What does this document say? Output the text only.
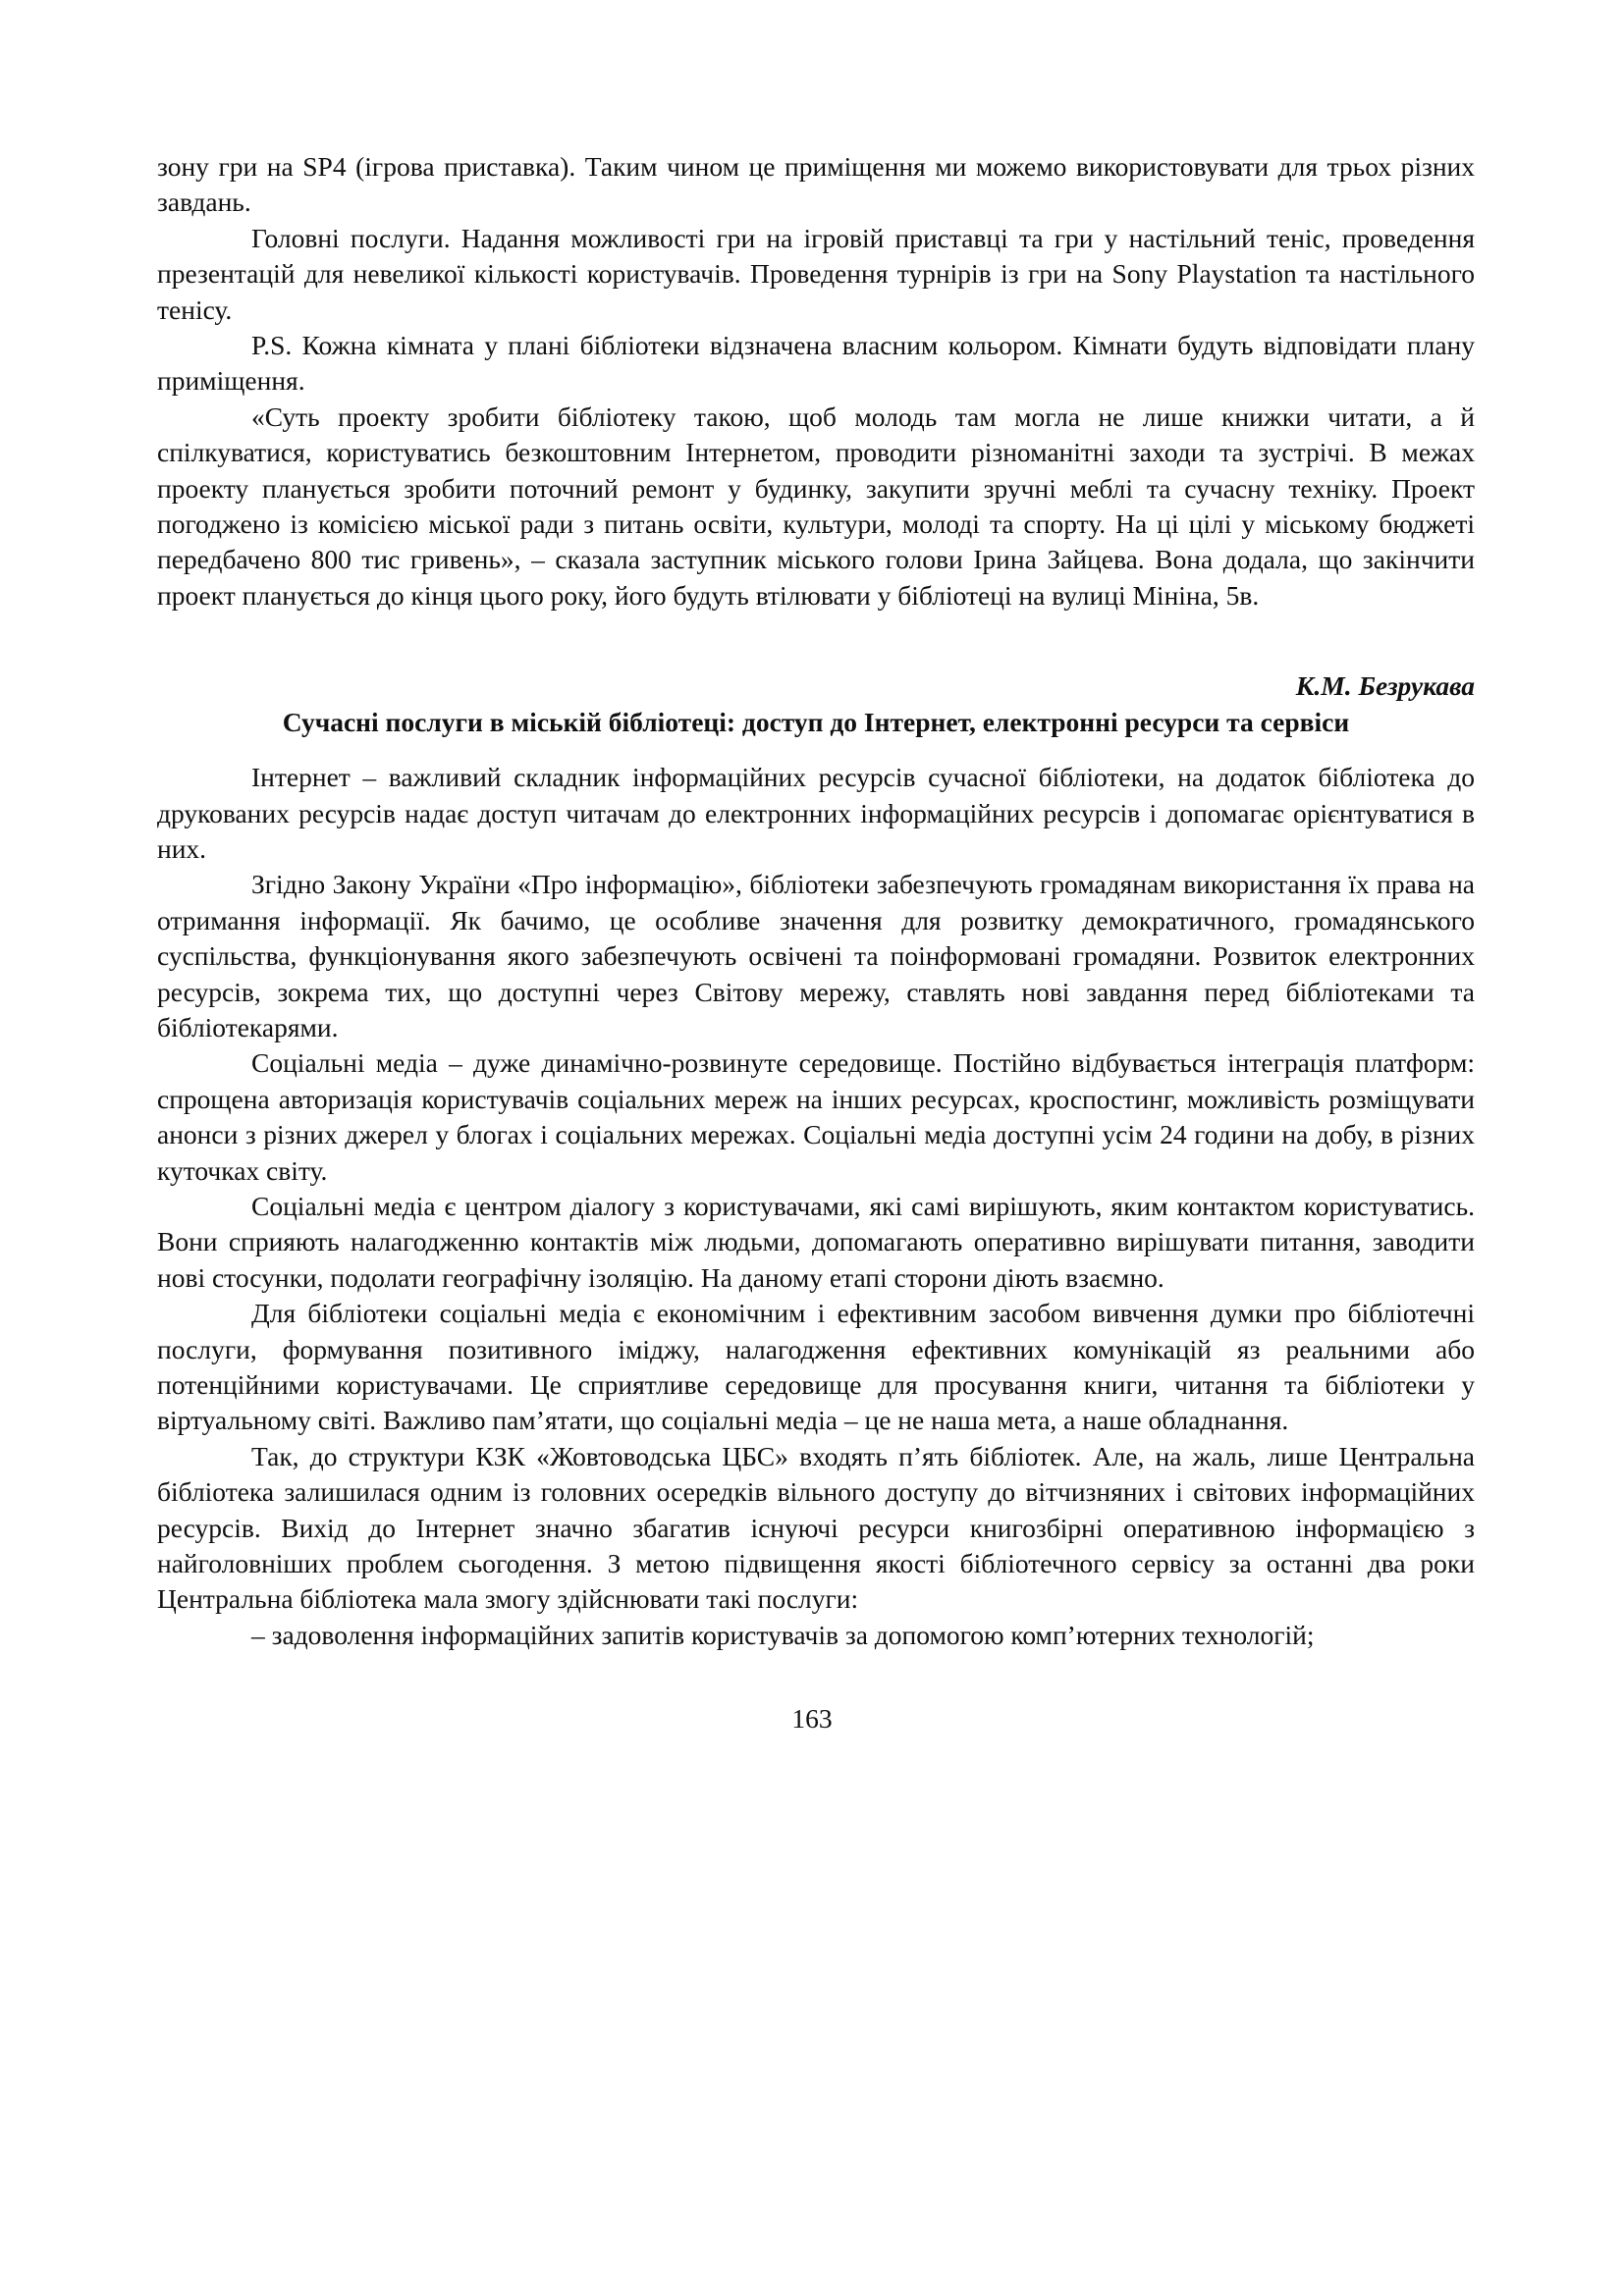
зону гри на SP4 (ігрова приставка). Таким чином це приміщення ми можемо використовувати для трьох різних завдань.

Головні послуги. Надання можливості гри на ігровій приставці та гри у настільний теніс, проведення презентацій для невеликої кількості користувачів. Проведення турнірів із гри на Sony Playstation та настільного тенісу.

P.S. Кожна кімната у плані бібліотеки відзначена власним кольором. Кімнати будуть відповідати плану приміщення.

«Суть проекту зробити бібліотеку такою, щоб молодь там могла не лише книжки читати, а й спілкуватися, користуватись безкоштовним Інтернетом, проводити різноманітні заходи та зустрічі. В межах проекту планується зробити поточний ремонт у будинку, закупити зручні меблі та сучасну техніку. Проект погоджено із комісією міської ради з питань освіти, культури, молоді та спорту. На ці цілі у міському бюджеті передбачено 800 тис гривень», – сказала заступник міського голови Ірина Зайцева. Вона додала, що закінчити проект планується до кінця цього року, його будуть втілювати у бібліотеці на вулиці Мініна, 5в.

К.М. Безрукава

Сучасні послуги в міській бібліотеці: доступ до Інтернет, електронні ресурси та сервіси

Інтернет – важливий складник інформаційних ресурсів сучасної бібліотеки, на додаток бібліотека до друкованих ресурсів надає доступ читачам до електронних інформаційних ресурсів і допомагає орієнтуватися в них.

Згідно Закону України «Про інформацію», бібліотеки забезпечують громадянам використання їх права на отримання інформації. Як бачимо, це особливе значення для розвитку демократичного, громадянського суспільства, функціонування якого забезпечують освічені та поінформовані громадяни. Розвиток електронних ресурсів, зокрема тих, що доступні через Світову мережу, ставлять нові завдання перед бібліотеками та бібліотекарями.

Соціальні медіа – дуже динамічно-розвинуте середовище. Постійно відбувається інтеграція платформ: спрощена авторизація користувачів соціальних мереж на інших ресурсах, кроспостинг, можливість розміщувати анонси з різних джерел у блогах і соціальних мережах. Соціальні медіа доступні усім 24 години на добу, в різних куточках світу.

Соціальні медіа є центром діалогу з користувачами, які самі вирішують, яким контактом користуватись. Вони сприяють налагодженню контактів між людьми, допомагають оперативно вирішувати питання, заводити нові стосунки, подолати географічну ізоляцію. На даному етапі сторони діють взаємно.

Для бібліотеки соціальні медіа є економічним і ефективним засобом вивчення думки про бібліотечні послуги, формування позитивного іміджу, налагодження ефективних комунікацій яз реальними або потенційними користувачами. Це сприятливе середовище для просування книги, читання та бібліотеки у віртуальному світі. Важливо пам’ятати, що соціальні медіа – це не наша мета, а наше обладнання.

Так, до структури КЗК «Жовтоводська ЦБС» входять п’ять бібліотек. Але, на жаль, лише Центральна бібліотека залишилася одним із головних осередків вільного доступу до вітчизняних і світових інформаційних ресурсів. Вихід до Інтернет значно збагатив існуючі ресурси книгозбірні оперативною інформацією з найголовніших проблем сьогодення. З метою підвищення якості бібліотечного сервісу за останні два роки Центральна бібліотека мала змогу здійснювати такі послуги:

– задоволення інформаційних запитів користувачів за допомогою комп’ютерних технологій;

163
